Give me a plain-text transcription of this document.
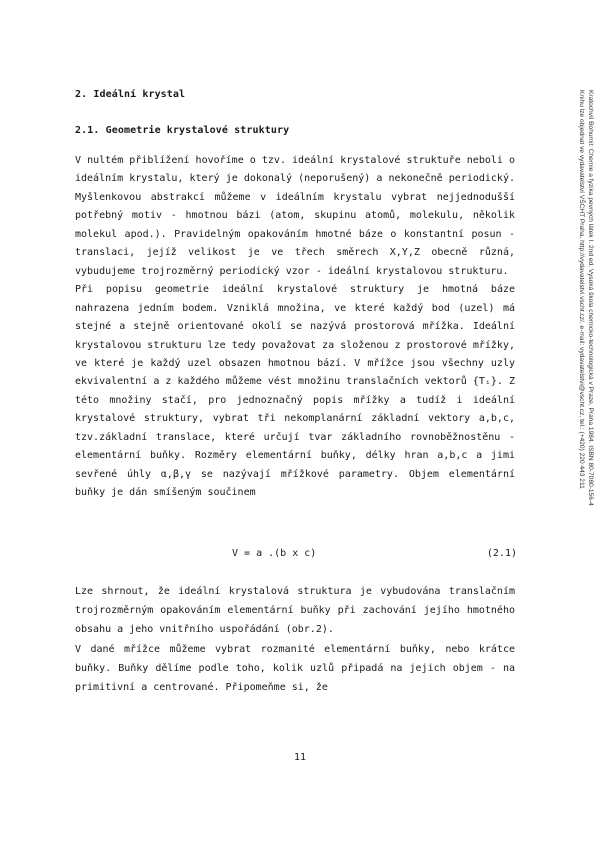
2. Ideální krystal
2.1. Geometrie krystalové struktury

V nultém přiblížení hovoříme o tzv. ideální krystalové struktuře neboli o ideálním krystalu, který je dokonalý (neporušený) a nekonečně periodický. Myšlenkovou abstrakcí můžeme v ideálním krystalu vybrat nejjednodušší potřebný motiv - hmotnou bázi (atom, skupinu atomů, molekulu, několik molekul apod.). Pravidelným opakováním hmotné báze o konstantní posun - translaci, jejíž velikost je ve třech směrech X,Y,Z obecně různá, vybudujeme trojrozměrný periodický vzor - ideální krystalovou strukturu.

Při popisu geometrie ideální krystalové struktury je hmotná báze nahrazena jedním bodem. Vzniklá množina, ve které každý bod (uzel) má stejné a stejně orientované okolí se nazývá prostorová mřížka. Ideální krystalovou strukturu lze tedy považovat za složenou z prostorové mřížky, ve které je každý uzel obsazen hmotnou bází. V mřížce jsou všechny uzly ekvivalentní a z každého můžeme vést množinu translačních vektorů {Tᵢ}. Z této množiny stačí, pro jednoznačný popis mřížky a tudíž i ideální krystalové struktury, vybrat tři nekomplanární základní vektory a,b,c, tzv.základní translace, které určují tvar základního rovnoběžnostěnu - elementární buňky. Rozměry elementární buňky, délky hran a,b,c a jimi sevřené úhly α,β,γ se nazývají mřížkové parametry. Objem elementární buňky je dán smíšeným součinem

V = a .(b x c)	(2.1)

Lze shrnout, že ideální krystalová struktura je vybudována translačním trojrozměrným opakováním elementární buňky při zachování jejího hmotného obsahu a jeho vnitřního uspořádání (obr.2).

V dané mřížce můžeme vybrat rozmanité elementární buňky, nebo krátce buňky. Buňky dělíme podle toho, kolik uzlů připadá na jejich objem - na primitivní a centrované. Připomeňme si, že

11
Kratochvíl Bohumil: Chemie a fyzika pevných látek I. 2nd ed. Vysoká škola chemicko-technologická v Praze, Praha 1984. ISBN 80-7080-156-4
Knihu lze objednat ve vydavatelství VŠCHT Praha, http://vydavatelstvi.vscht.cz/, e-mail: vydavatelstvi@vscht.cz, tel.: (+420) 220 443 211
